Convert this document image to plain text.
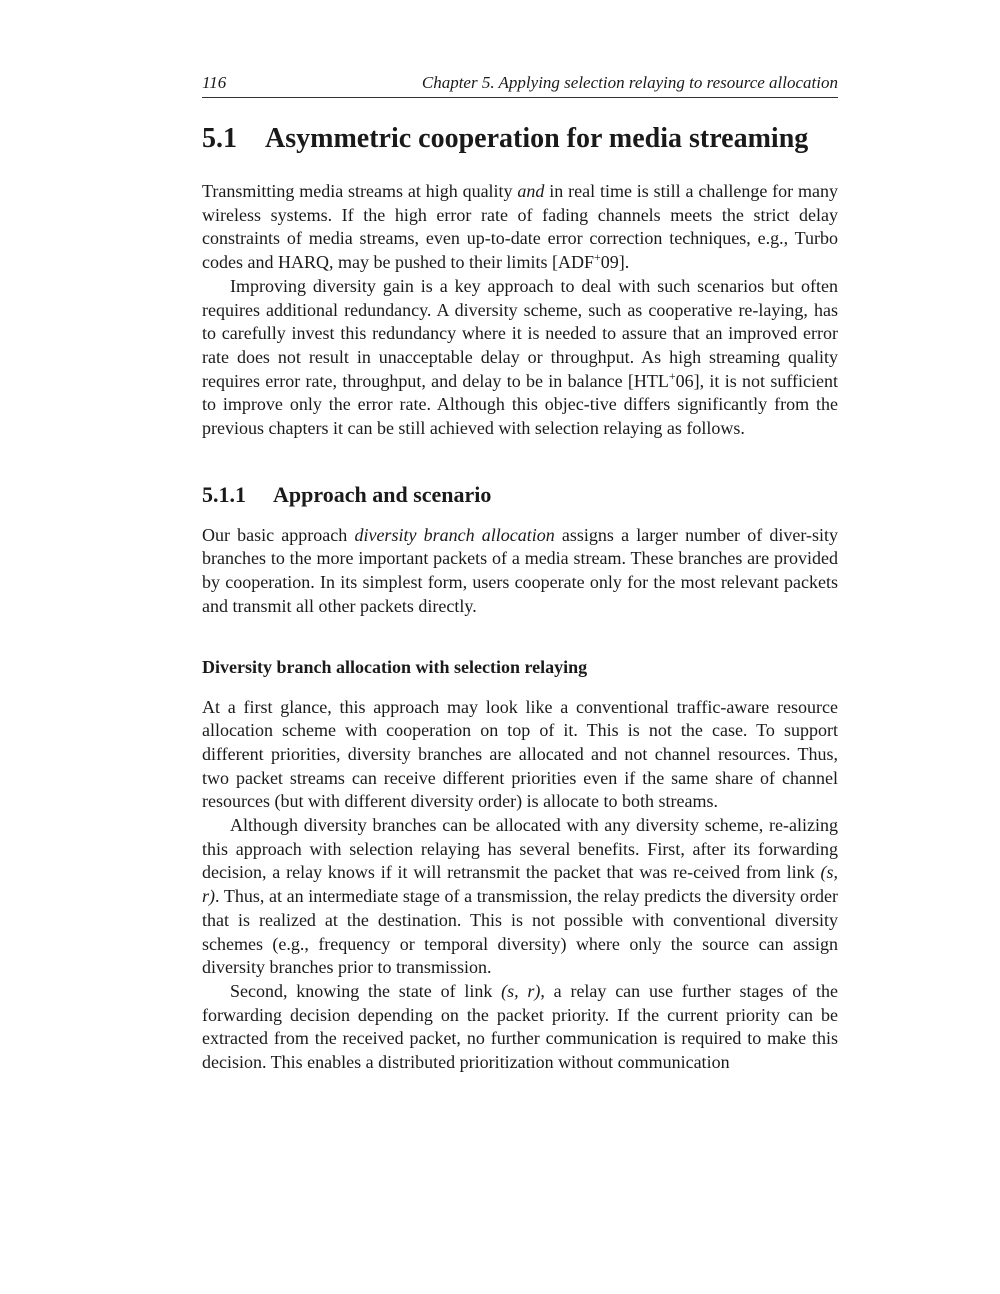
116	Chapter 5. Applying selection relaying to resource allocation
5.1	Asymmetric cooperation for media streaming

Transmitting media streams at high quality and in real time is still a challenge for many wireless systems. If the high error rate of fading channels meets the strict delay constraints of media streams, even up-to-date error correction techniques, e.g., Turbo codes and HARQ, may be pushed to their limits [ADF+09].

Improving diversity gain is a key approach to deal with such scenarios but often requires additional redundancy. A diversity scheme, such as cooperative re-laying, has to carefully invest this redundancy where it is needed to assure that an improved error rate does not result in unacceptable delay or throughput. As high streaming quality requires error rate, throughput, and delay to be in balance [HTL+06], it is not sufficient to improve only the error rate. Although this objec-tive differs significantly from the previous chapters it can be still achieved with selection relaying as follows.

5.1.1	Approach and scenario

Our basic approach diversity branch allocation assigns a larger number of diver-sity branches to the more important packets of a media stream. These branches are provided by cooperation. In its simplest form, users cooperate only for the most relevant packets and transmit all other packets directly.

Diversity branch allocation with selection relaying

At a first glance, this approach may look like a conventional traffic-aware resource allocation scheme with cooperation on top of it. This is not the case. To support different priorities, diversity branches are allocated and not channel resources. Thus, two packet streams can receive different priorities even if the same share of channel resources (but with different diversity order) is allocate to both streams.

Although diversity branches can be allocated with any diversity scheme, re-alizing this approach with selection relaying has several benefits. First, after its forwarding decision, a relay knows if it will retransmit the packet that was re-ceived from link (s, r). Thus, at an intermediate stage of a transmission, the relay predicts the diversity order that is realized at the destination. This is not possible with conventional diversity schemes (e.g., frequency or temporal diversity) where only the source can assign diversity branches prior to transmission.

Second, knowing the state of link (s, r), a relay can use further stages of the forwarding decision depending on the packet priority. If the current priority can be extracted from the received packet, no further communication is required to make this decision. This enables a distributed prioritization without communication
